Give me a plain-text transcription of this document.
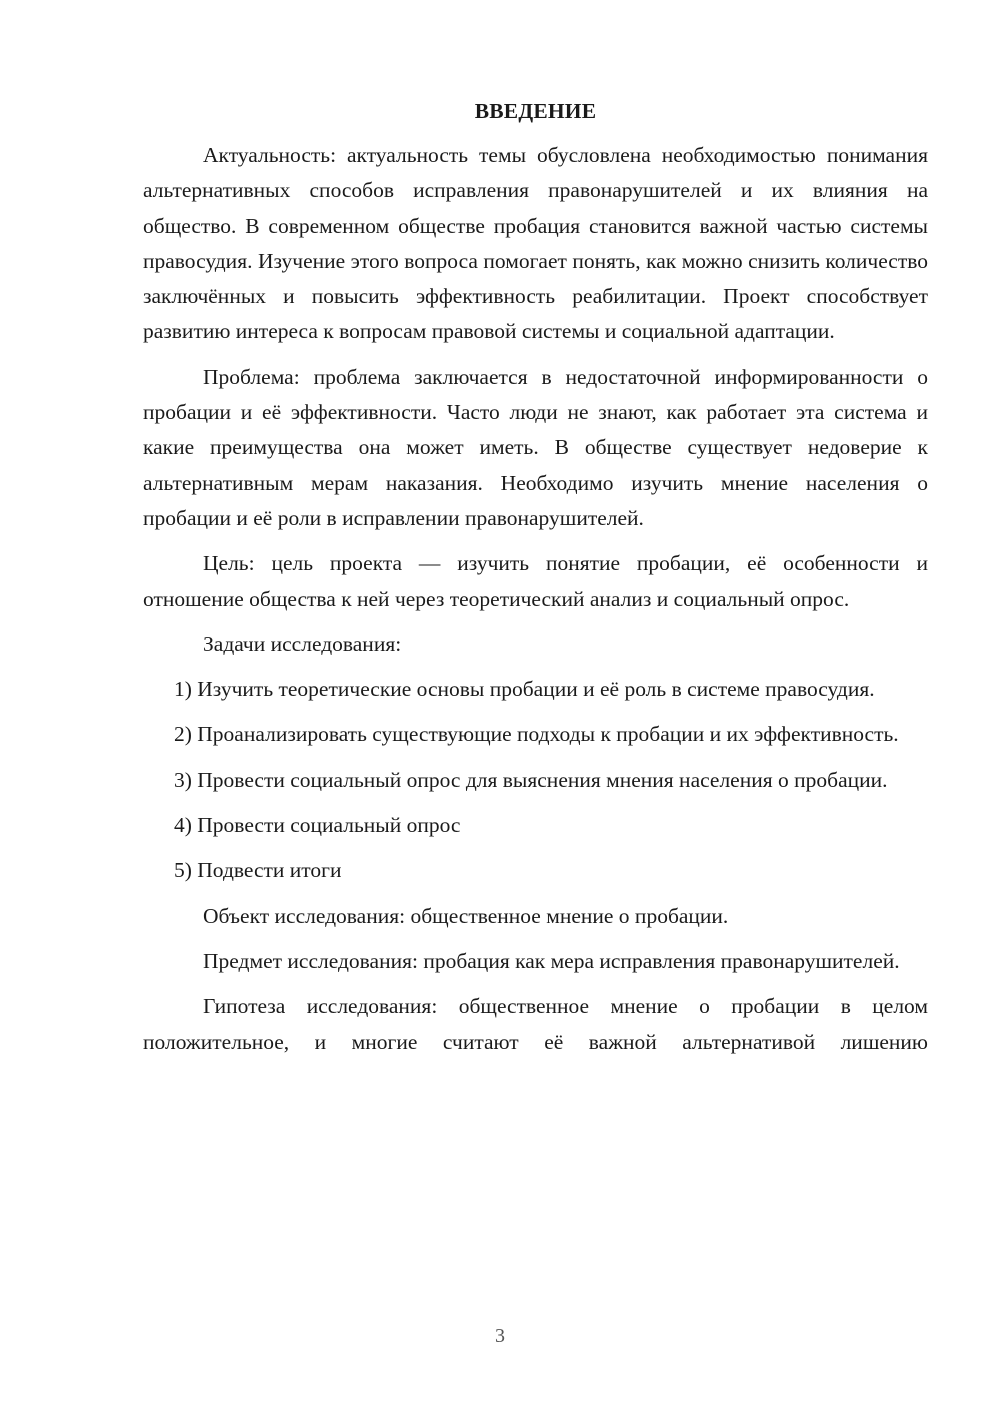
ВВЕДЕНИЕ

Актуальность: актуальность темы обусловлена необходимостью понимания альтернативных способов исправления правонарушителей и их влияния на общество. В современном обществе пробация становится важной частью системы правосудия. Изучение этого вопроса помогает понять, как можно снизить количество заключённых и повысить эффективность реабилитации. Проект способствует развитию интереса к вопросам правовой системы и социальной адаптации.

Проблема: проблема заключается в недостаточной информированности о пробации и её эффективности. Часто люди не знают, как работает эта система и какие преимущества она может иметь. В обществе существует недоверие к альтернативным мерам наказания. Необходимо изучить мнение населения о пробации и её роли в исправлении правонарушителей.

Цель: цель проекта — изучить понятие пробации, её особенности и отношение общества к ней через теоретический анализ и социальный опрос.

Задачи исследования:

1) Изучить теоретические основы пробации и её роль в системе правосудия.

2) Проанализировать существующие подходы к пробации и их эффективность.

3) Провести социальный опрос для выяснения мнения населения о пробации.

4) Провести социальный опрос

5) Подвести итоги

Объект исследования: общественное мнение о пробации.

Предмет исследования: пробация как мера исправления правонарушителей.

Гипотеза исследования: общественное мнение о пробации в целом положительное, и многие считают её важной альтернативой лишению

3
